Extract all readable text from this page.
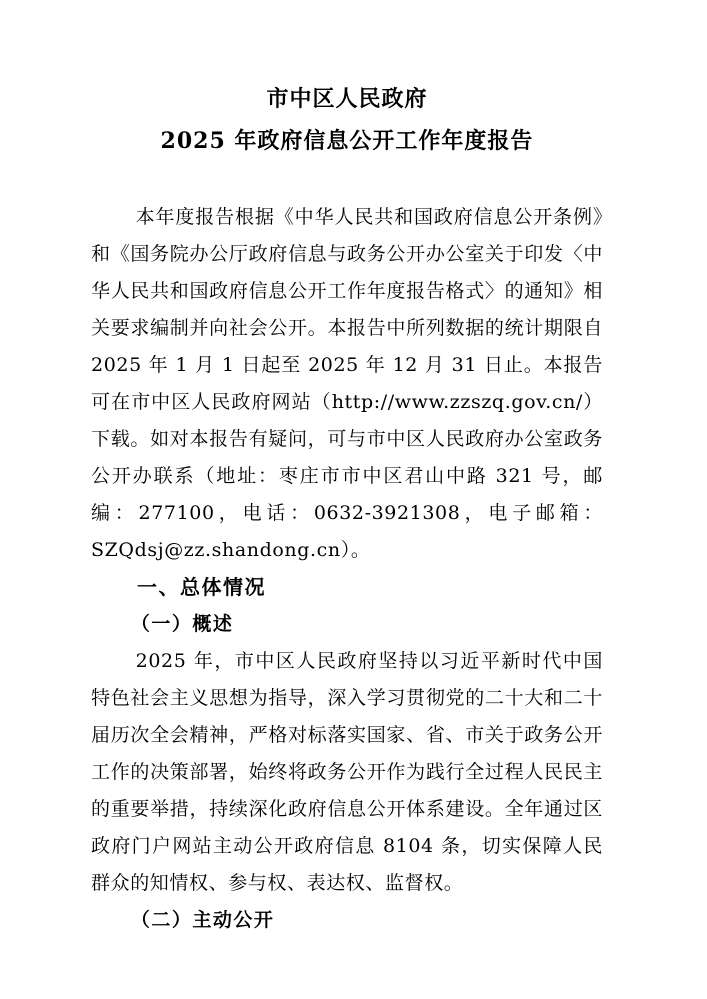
市中区人民政府
2025 年政府信息公开工作年度报告

本年度报告根据《中华人民共和国政府信息公开条例》和《国务院办公厅政府信息与政务公开办公室关于印发〈中华人民共和国政府信息公开工作年度报告格式〉的通知》相关要求编制并向社会公开。本报告中所列数据的统计期限自 2025 年 1 月 1 日起至 2025 年 12 月 31 日止。本报告可在市中区人民政府网站（http://www.zzszq.gov.cn/）下载。如对本报告有疑问，可与市中区人民政府办公室政务公开办联系（地址：枣庄市市中区君山中路 321 号，邮编：277100，电话：0632-3921308，电子邮箱：SZQdsj@zz.shandong.cn）。

一、总体情况
（一）概述

2025 年，市中区人民政府坚持以习近平新时代中国特色社会主义思想为指导，深入学习贯彻党的二十大和二十届历次全会精神，严格对标落实国家、省、市关于政务公开工作的决策部署，始终将政务公开作为践行全过程人民民主的重要举措，持续深化政府信息公开体系建设。全年通过区政府门户网站主动公开政府信息 8104 条，切实保障人民群众的知情权、参与权、表达权、监督权。

（二）主动公开
